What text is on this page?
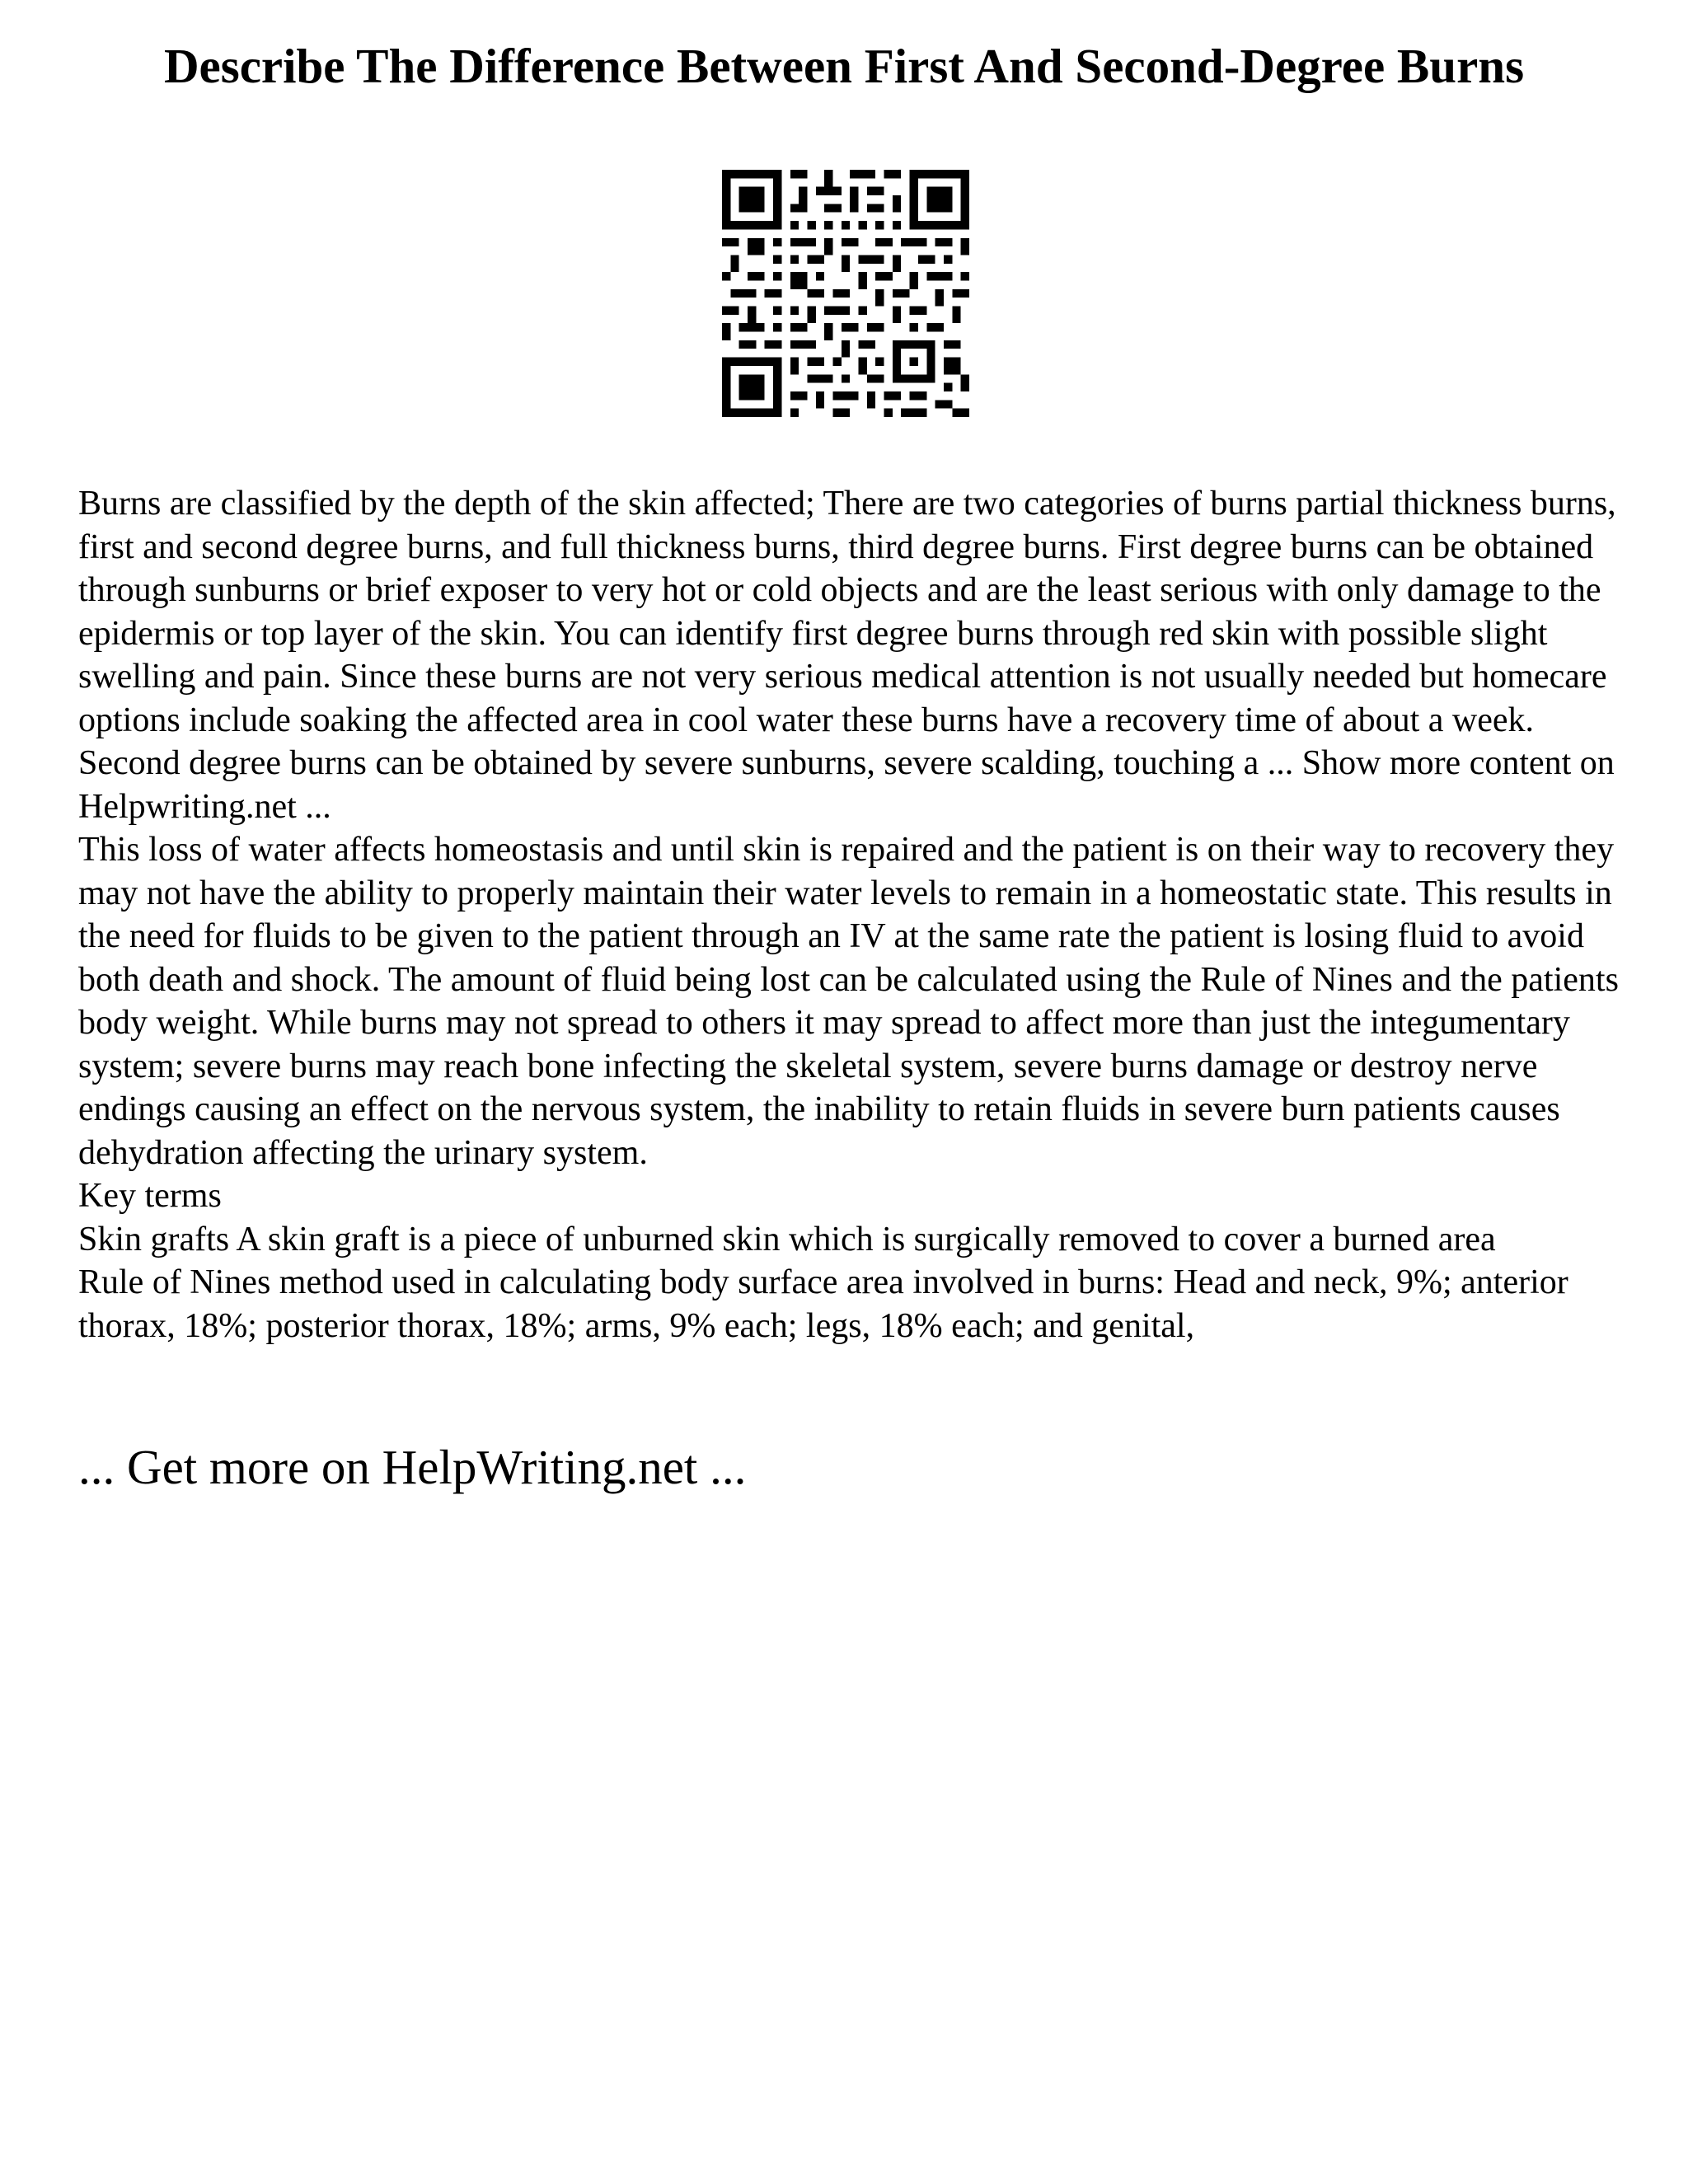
Describe The Difference Between First And Second-Degree Burns

Burns are classified by the depth of the skin affected; There are two categories of burns partial thickness burns, first and second degree burns, and full thickness burns, third degree burns. First degree burns can be obtained through sunburns or brief exposer to very hot or cold objects and are the least serious with only damage to the epidermis or top layer of the skin. You can identify first degree burns through red skin with possible slight swelling and pain. Since these burns are not very serious medical attention is not usually needed but homecare options include soaking the affected area in cool water these burns have a recovery time of about a week. Second degree burns can be obtained by severe sunburns, severe scalding, touching a ... Show more content on Helpwriting.net ...

This loss of water affects homeostasis and until skin is repaired and the patient is on their way to recovery they may not have the ability to properly maintain their water levels to remain in a homeostatic state. This results in the need for fluids to be given to the patient through an IV at the same rate the patient is losing fluid to avoid both death and shock. The amount of fluid being lost can be calculated using the Rule of Nines and the patients body weight. While burns may not spread to others it may spread to affect more than just the integumentary system; severe burns may reach bone infecting the skeletal system, severe burns damage or destroy nerve endings causing an effect on the nervous system, the inability to retain fluids in severe burn patients causes dehydration affecting the urinary system.

Key terms

Skin grafts A skin graft is a piece of unburned skin which is surgically removed to cover a burned area

Rule of Nines method used in calculating body surface area involved in burns: Head and neck, 9%; anterior thorax, 18%; posterior thorax, 18%; arms, 9% each; legs, 18% each; and genital,

... Get more on HelpWriting.net ...
